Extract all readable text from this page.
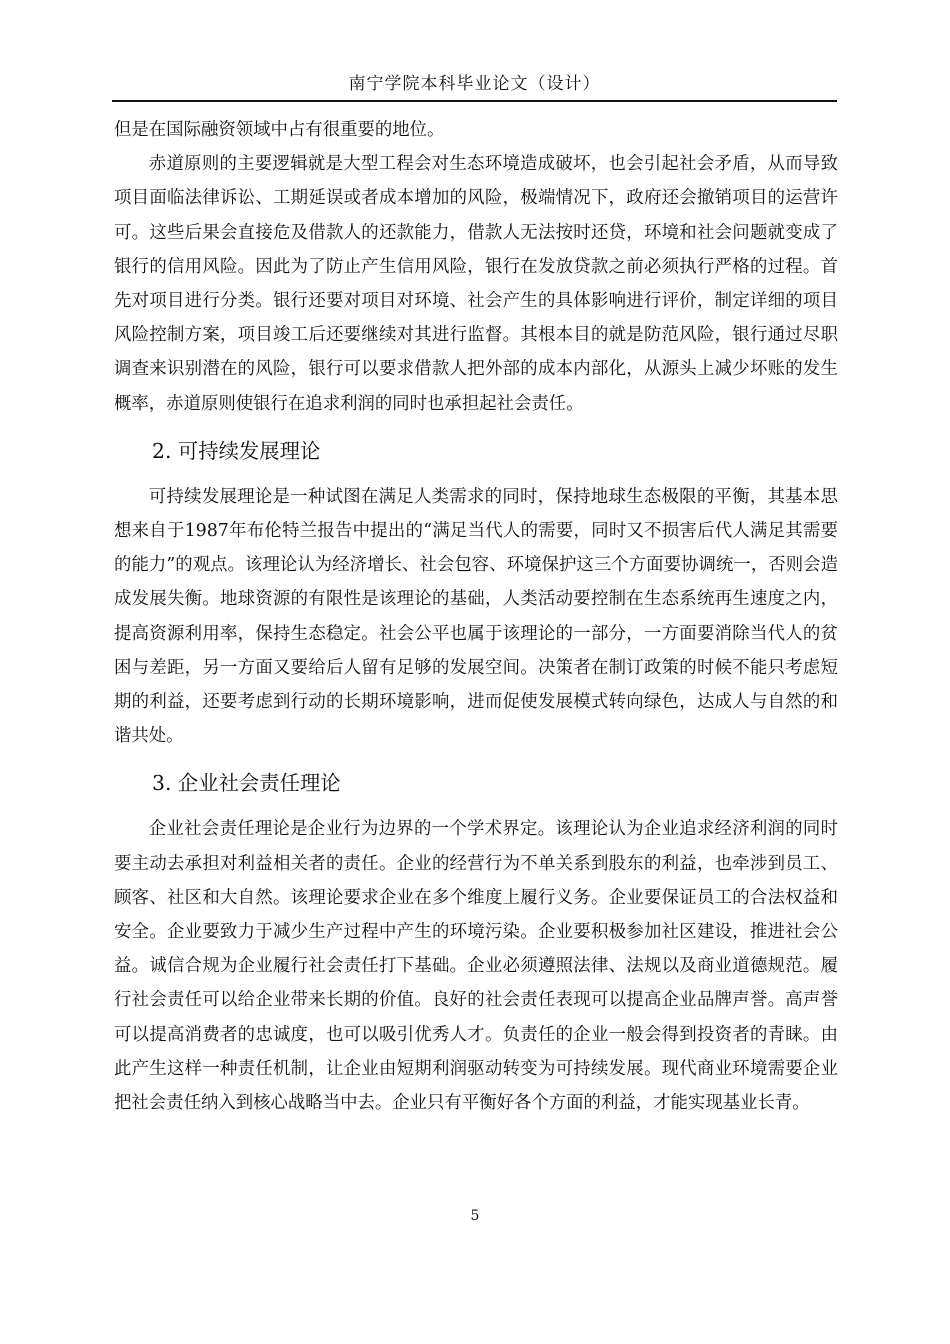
南宁学院本科毕业论文（设计）

但是在国际融资领域中占有很重要的地位。

赤道原则的主要逻辑就是大型工程会对生态环境造成破坏，也会引起社会矛盾，从而导致项目面临法律诉讼、工期延误或者成本增加的风险，极端情况下，政府还会撤销项目的运营许可。这些后果会直接危及借款人的还款能力，借款人无法按时还贷，环境和社会问题就变成了银行的信用风险。因此为了防止产生信用风险，银行在发放贷款之前必须执行严格的过程。首先对项目进行分类。银行还要对项目对环境、社会产生的具体影响进行评价，制定详细的项目风险控制方案，项目竣工后还要继续对其进行监督。其根本目的就是防范风险，银行通过尽职调查来识别潜在的风险，银行可以要求借款人把外部的成本内部化，从源头上减少坏账的发生概率，赤道原则使银行在追求利润的同时也承担起社会责任。

2. 可持续发展理论

可持续发展理论是一种试图在满足人类需求的同时，保持地球生态极限的平衡，其基本思想来自于1987年布伦特兰报告中提出的“满足当代人的需要，同时又不损害后代人满足其需要的能力”的观点。该理论认为经济增长、社会包容、环境保护这三个方面要协调统一，否则会造成发展失衡。地球资源的有限性是该理论的基础，人类活动要控制在生态系统再生速度之内，提高资源利用率，保持生态稳定。社会公平也属于该理论的一部分，一方面要消除当代人的贫困与差距，另一方面又要给后人留有足够的发展空间。决策者在制订政策的时候不能只考虑短期的利益，还要考虑到行动的长期环境影响，进而促使发展模式转向绿色，达成人与自然的和谐共处。

3. 企业社会责任理论

企业社会责任理论是企业行为边界的一个学术界定。该理论认为企业追求经济利润的同时要主动去承担对利益相关者的责任。企业的经营行为不单关系到股东的利益，也牵涉到员工、顾客、社区和大自然。该理论要求企业在多个维度上履行义务。企业要保证员工的合法权益和安全。企业要致力于减少生产过程中产生的环境污染。企业要积极参加社区建设，推进社会公益。诚信合规为企业履行社会责任打下基础。企业必须遵照法律、法规以及商业道德规范。履行社会责任可以给企业带来长期的价值。良好的社会责任表现可以提高企业品牌声誉。高声誉可以提高消费者的忠诚度，也可以吸引优秀人才。负责任的企业一般会得到投资者的青睐。由此产生这样一种责任机制，让企业由短期利润驱动转变为可持续发展。现代商业环境需要企业把社会责任纳入到核心战略当中去。企业只有平衡好各个方面的利益，才能实现基业长青。

5
